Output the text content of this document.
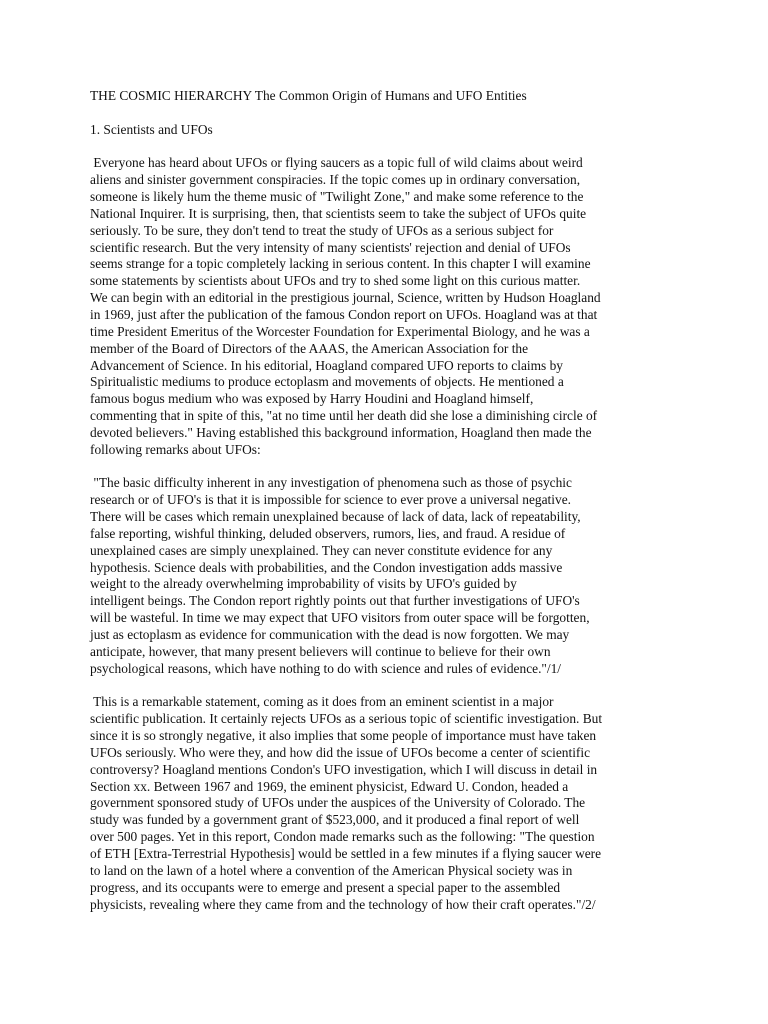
THE COSMIC HIERARCHY The Common Origin of Humans and UFO Entities
1. Scientists and UFOs
Everyone has heard about UFOs or flying saucers as a topic full of wild claims about weird
aliens and sinister government conspiracies. If the topic comes up in ordinary conversation,
someone is likely hum the theme music of "Twilight Zone," and make some reference to the
National Inquirer. It is surprising, then, that scientists seem to take the subject of UFOs quite
seriously. To be sure, they don't tend to treat the study of UFOs as a serious subject for
scientific research. But the very intensity of many scientists' rejection and denial of UFOs
seems strange for a topic completely lacking in serious content. In this chapter I will examine
some statements by scientists about UFOs and try to shed some light on this curious matter.
We can begin with an editorial in the prestigious journal, Science, written by Hudson Hoagland
in 1969, just after the publication of the famous Condon report on UFOs. Hoagland was at that
time President Emeritus of the Worcester Foundation for Experimental Biology, and he was a
member of the Board of Directors of the AAAS, the American Association for the
Advancement of Science. In his editorial, Hoagland compared UFO reports to claims by
Spiritualistic mediums to produce ectoplasm and movements of objects. He mentioned a
famous bogus medium who was exposed by Harry Houdini and Hoagland himself,
commenting that in spite of this, "at no time until her death did she lose a diminishing circle of
devoted believers." Having established this background information, Hoagland then made the
following remarks about UFOs:
"The basic difficulty inherent in any investigation of phenomena such as those of psychic
research or of UFO's is that it is impossible for science to ever prove a universal negative.
There will be cases which remain unexplained because of lack of data, lack of repeatability,
false reporting, wishful thinking, deluded observers, rumors, lies, and fraud. A residue of
unexplained cases are simply unexplained. They can never constitute evidence for any
hypothesis. Science deals with probabilities, and the Condon investigation adds massive
weight to the already overwhelming improbability of visits by UFO's guided by
intelligent beings. The Condon report rightly points out that further investigations of UFO's
will be wasteful. In time we may expect that UFO visitors from outer space will be forgotten,
just as ectoplasm as evidence for communication with the dead is now forgotten. We may
anticipate, however, that many present believers will continue to believe for their own
psychological reasons, which have nothing to do with science and rules of evidence."/1/
This is a remarkable statement, coming as it does from an eminent scientist in a major
scientific publication. It certainly rejects UFOs as a serious topic of scientific investigation. But
since it is so strongly negative, it also implies that some people of importance must have taken
UFOs seriously. Who were they, and how did the issue of UFOs become a center of scientific
controversy? Hoagland mentions Condon's UFO investigation, which I will discuss in detail in
Section xx. Between 1967 and 1969, the eminent physicist, Edward U. Condon, headed a
government sponsored study of UFOs under the auspices of the University of Colorado. The
study was funded by a government grant of $523,000, and it produced a final report of well
over 500 pages. Yet in this report, Condon made remarks such as the following: "The question
of ETH [Extra-Terrestrial Hypothesis] would be settled in a few minutes if a flying saucer were
to land on the lawn of a hotel where a convention of the American Physical society was in
progress, and its occupants were to emerge and present a special paper to the assembled
physicists, revealing where they came from and the technology of how their craft operates."/2/
